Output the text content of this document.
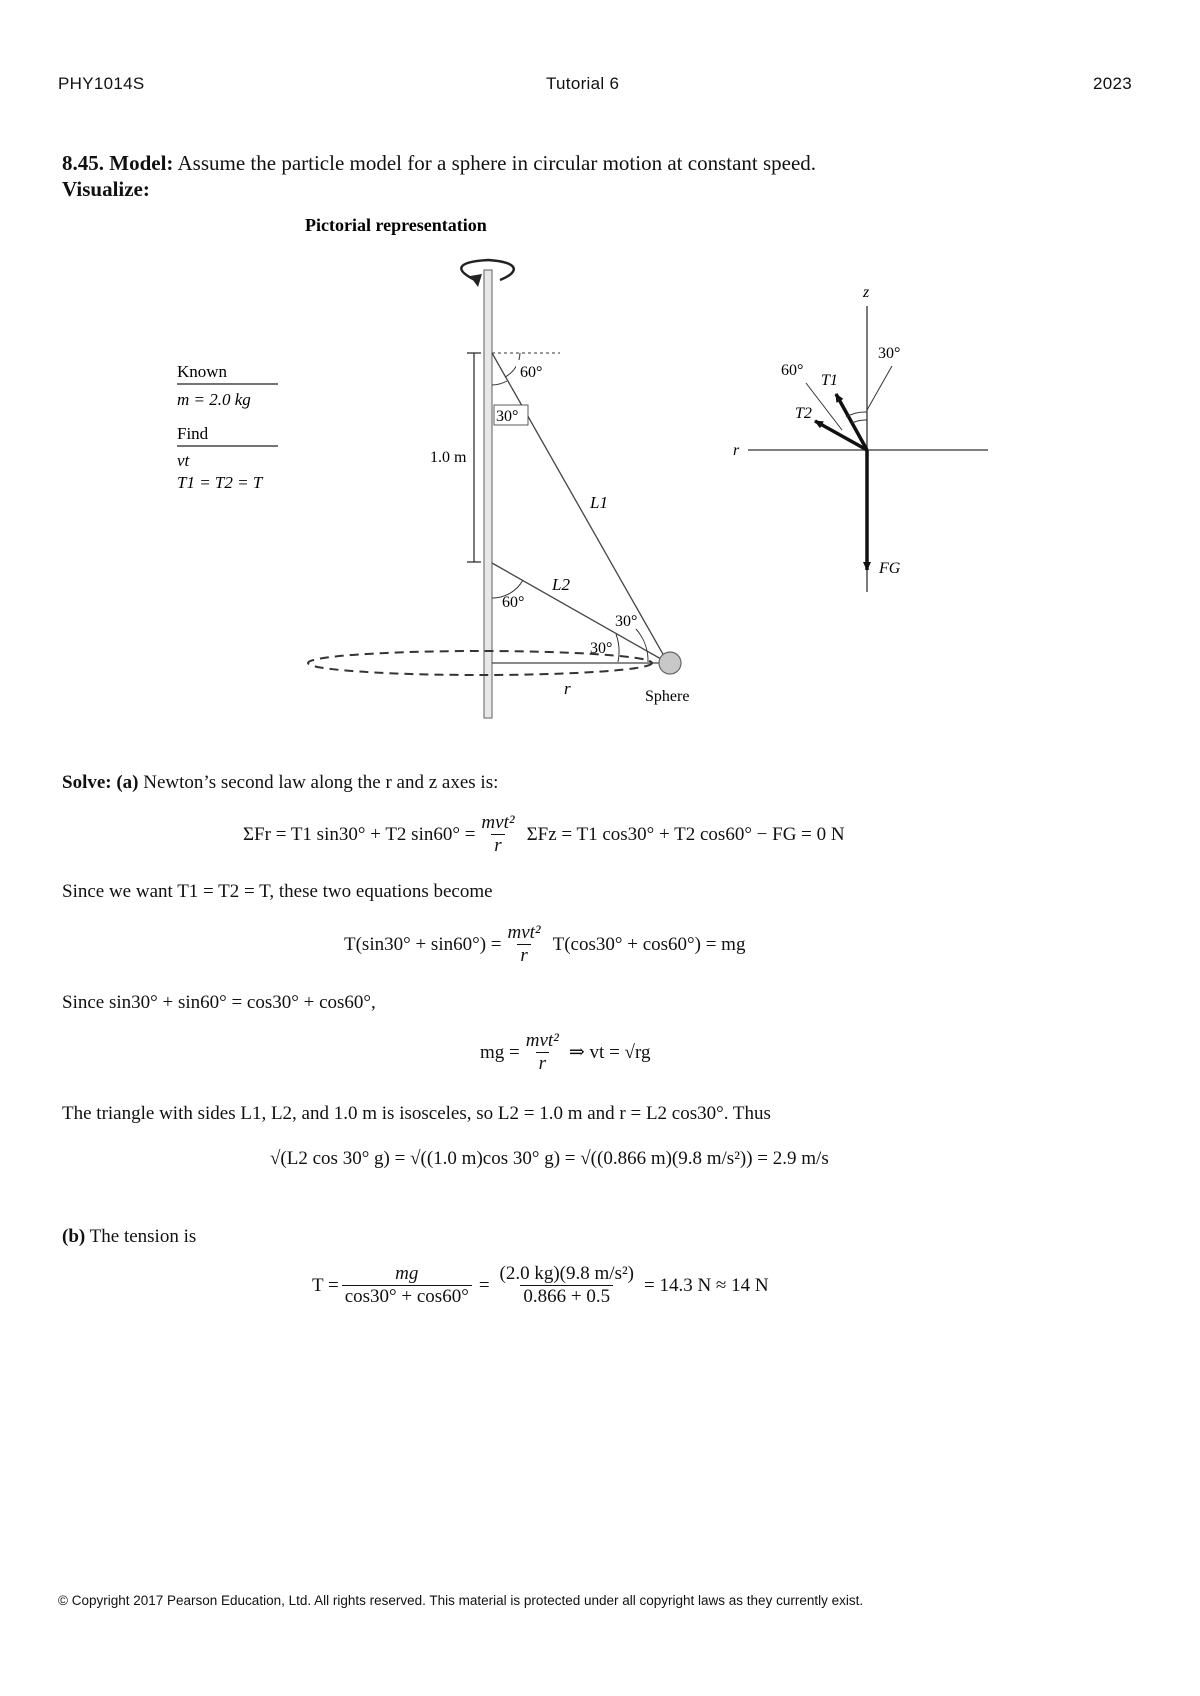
PHY1014S	Tutorial 6	2023
8.45. Model: Assume the particle model for a sphere in circular motion at constant speed.
Visualize:
Pictorial representation
Known
m = 2.0 kg
Find
vt
T1 = T2 = T
1.0 m
60°
30°
60°
30°
30°
L1
L2
r	Sphere
z
r
30°
60°
T1
T2
FG
Solve: (a) Newton’s second law along the r and z axes is:
ΣFr = T1 sin30° + T2 $\sin 60^\circ = \frac{\text{mvt²}}{r}$ ΣFz = T1 cos30° + T2 cos60° − FG = 0 N
Since we want T1 = T2 = T, these two equations become
$T(\sin 30^\circ + \sin 60^\circ) = \frac{\text{mvt²}}{r} T(\cos 30^\circ + \cos 60^\circ)$ = mg
Since sin30° + sin60° = cos30° + cos60°,
mg = $\frac{\text{mvt²}}{r}$ ⇒ vt = √rg
The triangle with sides L1, L2, and 1.0 m is isosceles, so L2 = 1.0 m and r = L2 cos30°. Thus
√(L2 cos 30° g) = √((1.0 m)cos 30° g) = √((0.866 m)(9.8 m/s²)) = 2.9 m/s
(b) The tension is
$T = \frac{mg}{\cos 30^\circ + \cos 60^\circ} = \frac{\text{(2.0 kg)(9.8 m/s²)}}{0.866 + 0.5} = 14.3$ N ≈ 14 N
© Copyright 2017 Pearson Education, Ltd. All rights reserved. This material is protected under all copyright laws as they currently exist.
